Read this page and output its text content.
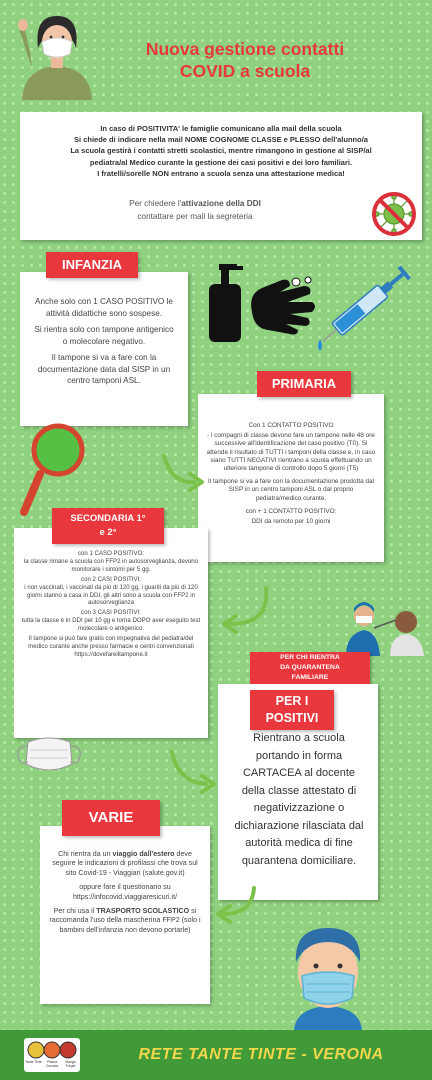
Nuova gestione contatti
COVID a scuola
In caso di POSITIVITA' le famiglie comunicano alla mail della scuola
Si chiede di indicare nella mail NOME COGNOME CLASSE e PLESSO dell'alunno/a
La scuola gestirà i contatti stretti scolastici, mentre rimangono in gestione al SISP/al
pediatra/al Medico curante la gestione dei casi positivi e dei loro familiari.
I fratelli/sorelle NON entrano a scuola senza una attestazione medica!
Per chiedere l'attivazione della DDI
contattare per mail la segreteria

Anche solo con 1 CASO POSITIVO le attività didattiche sono sospese.

Si rientra solo con tampone antigenico o molecolare negativo.

Il tampone si va a fare con la documentazione data dal SISP in un centro tamponi ASL.

INFANZIA

Con 1 CONTATTO POSITIVO

- i compagni di classe devono fare un tampone nelle 48 ore successive all'identificazione del caso positivo (T0). Si attende il risultato di TUTTI i tamponi della classe e, in caso siano TUTTI NEGATIVI rientrano a scuola effettuando un ulteriore tampone di controllo dopo 5 giorni (T5)

Il tampone si va a fare con la documentazione prodotta dal SISP in un centro tamponi ASL o dal proprio pediatra/medico curante.

con + 1 CONTATTO POSITIVO:

DDI da remoto per 10 giorni

PRIMARIA

con 1 CASO POSITIVO:
la classe rimane a scuola con FFP2 in autosorveglianza, devono monitorare i sintomi per 5 gg.

con 2 CASI POSITIVI:
i non vaccinati, i vaccinati da più di 120 gg, i guariti da più di 120 giorni stanno a casa in DDI, gli altri sono a scuola con FFP2 in autosorveglianza

con 3 CASI POSITIVI:
tutta la classe è in DDI per 10 gg e torna DOPO aver eseguito test molecolare o antigenico.

Il tampone si può fare gratis con impegnativa del pediatra/del medico curante anche presso farmacie e centri convenzionati https://dovefareiltampone.it

SECONDARIA 1°
e 2°
PER CHI RIENTRA
DA QUARANTENA
FAMILIARE
Rientrano a scuola portando in forma CARTACEA al docente della classe attestato di negativizzazione o dichiarazione rilasciata dal autorità medica di fine quarantena domiciliare.
PER I
POSITIVI

Chi rientra da un viaggio dall'estero deve seguire le indicazioni di profilassi che trova sul sito Covid-19 - Viaggiari (salute.gov.it)

oppure fare il questionario su https://infocovid.viaggiaresicuri.it/

Per chi usa il TRASPORTO SCOLASTICO si raccomanda l'uso della mascherina FFP2 (solo i bambini dell'infanzia non devono portarle)

VARIE
Tante Tinte	Piazza Corvara
Mango Forget
RETE TANTE TINTE - VERONA
